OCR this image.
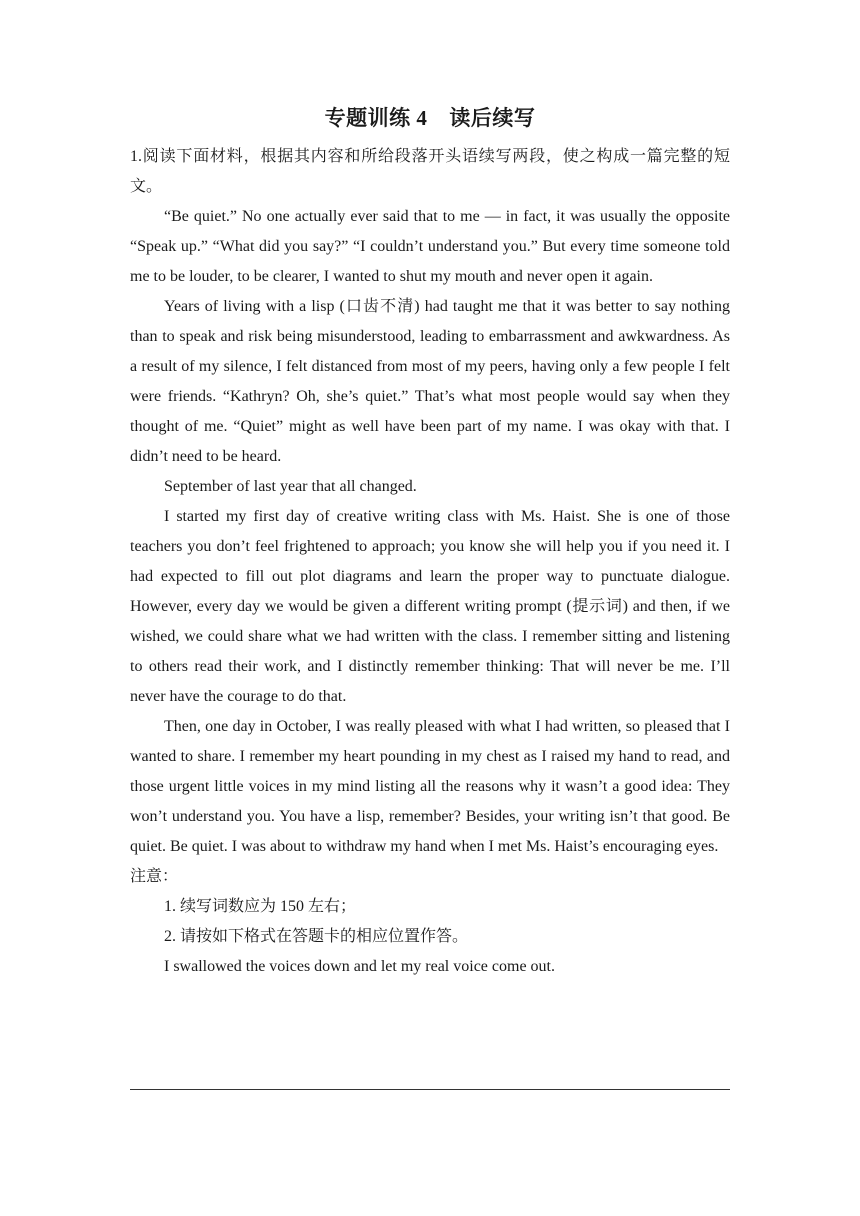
专题训练 4 读后续写

1.阅读下面材料，根据其内容和所给段落开头语续写两段，使之构成一篇完整的短文。

“Be quiet.” No one actually ever said that to me — in fact, it was usually the opposite “Speak up.” “What did you say?” “I couldn’t understand you.” But every time someone told me to be louder, to be clearer, I wanted to shut my mouth and never open it again.

Years of living with a lisp (口齿不清) had taught me that it was better to say nothing than to speak and risk being misunderstood, leading to embarrassment and awkwardness. As a result of my silence, I felt distanced from most of my peers, having only a few people I felt were friends. “Kathryn? Oh, she’s quiet.” That’s what most people would say when they thought of me. “Quiet” might as well have been part of my name. I was okay with that. I didn’t need to be heard.

September of last year that all changed.

I started my first day of creative writing class with Ms. Haist. She is one of those teachers you don’t feel frightened to approach; you know she will help you if you need it. I had expected to fill out plot diagrams and learn the proper way to punctuate dialogue. However, every day we would be given a different writing prompt (提示词) and then, if we wished, we could share what we had written with the class. I remember sitting and listening to others read their work, and I distinctly remember thinking: That will never be me. I’ll never have the courage to do that.

Then, one day in October, I was really pleased with what I had written, so pleased that I wanted to share. I remember my heart pounding in my chest as I raised my hand to read, and those urgent little voices in my mind listing all the reasons why it wasn’t a good idea: They won’t understand you. You have a lisp, remember? Besides, your writing isn’t that good. Be quiet. Be quiet. I was about to withdraw my hand when I met Ms. Haist’s encouraging eyes.

注意：

1. 续写词数应为 150 左右；

2. 请按如下格式在答题卡的相应位置作答。

I swallowed the voices down and let my real voice come out.
